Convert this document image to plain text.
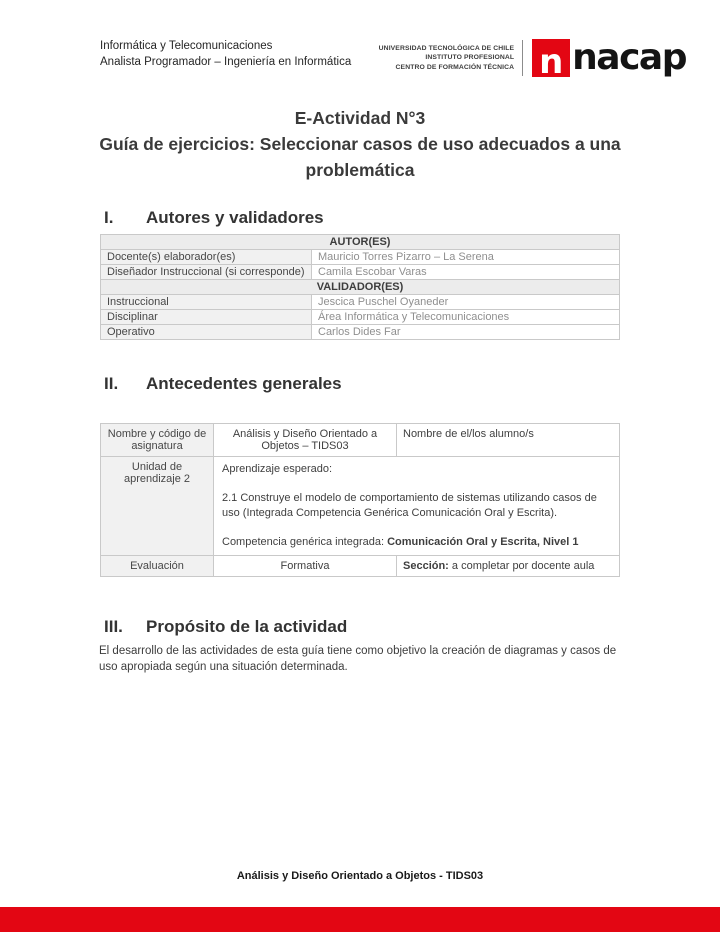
Informática y Telecomunicaciones
Analista Programador – Ingeniería en Informática
UNIVERSIDAD TECNOLÓGICA DE CHILE
INSTITUTO PROFESIONAL
CENTRO DE FORMACIÓN TÉCNICA n nacap
E-Actividad N°3
Guía de ejercicios: Seleccionar casos de uso adecuados a una problemática
I.	Autores y validadores
AUTOR(ES)	
Docente(s) elaborador(es)	Mauricio Torres Pizarro – La Serena
Diseñador Instruccional (si corresponde)	Camila Escobar Varas
VALIDADOR(ES)	
Instruccional	Jescica Puschel Oyaneder
Disciplinar	Área Informática y Telecomunicaciones
Operativo	Carlos Dides Far
II.	Antecedentes generales
Nombre y código de asignatura	Análisis y Diseño Orientado a Objetos – TIDS03	Nombre de el/los alumno/s
Unidad de aprendizaje 2	Aprendizaje esperado:
2.1 Construye el modelo de comportamiento de sistemas utilizando casos de uso (Integrada Competencia Genérica Comunicación Oral y Escrita).
Competencia genérica integrada: Comunicación Oral y Escrita, Nivel 1	

Evaluación	Formativa	Sección: a completar por docente aula
III.	Propósito de la actividad
El desarrollo de las actividades de esta guía tiene como objetivo la creación de diagramas y casos de uso apropiada según una situación determinada.
Análisis y Diseño Orientado a Objetos - TIDS03
